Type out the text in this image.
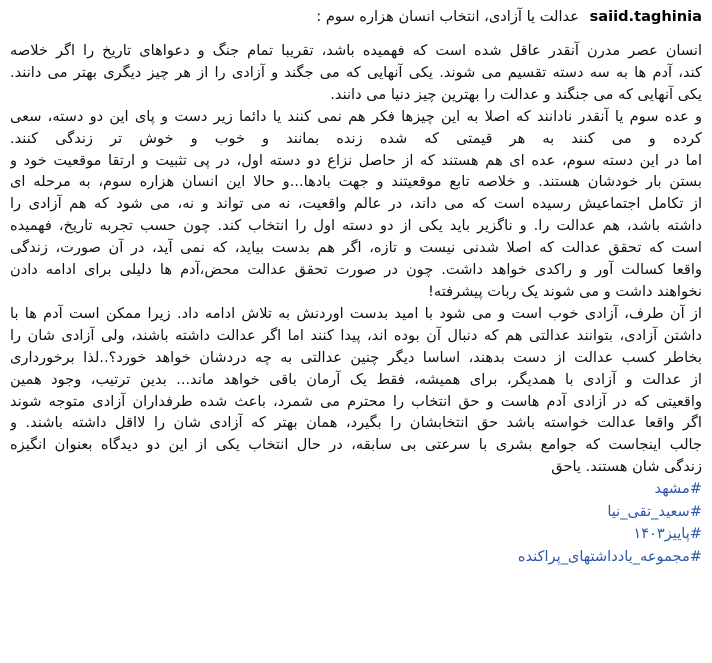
saiid.taghinia عدالت یا آزادی، انتخاب انسان هزاره سوم :
انسان عصر مدرن آنقدر عاقل شده است که فهمیده باشد، تقریبا تمام جنگ و دعواهای تاریخ را اگر خلاصه
کند، آدم ها به سه دسته تقسیم می شوند. یکی آنهایی که می جگند و آزادی را از هر چیز دیگری بهتر می دانند.
یکی آنهایی که می جنگند و عدالت را بهترین چیز دنیا می دانند.
و عده سوم یا آنقدر نادانند که اصلا به این چیزها فکر هم نمی کنند یا دائما زیر دست و پای این دو دسته، سعی
کرده و می کنند به هر قیمتی که شده زنده بمانند و خوب و خوش تر زندگی کنند.
اما در این دسته سوم، عده ای هم هستند که از حاصل نزاع دو دسته اول، در پی تثبیت و ارتقا موقعیت خود و
بستن بار خودشان هستند. و خلاصه تابع موقعیتند و جهت بادها...و حالا این انسان هزاره سوم، به مرحله ای
از تکامل اجتماعیش رسیده است که می داند، در عالم واقعیت، نه می تواند و نه، می شود که هم آزادی را
داشته باشد، هم عدالت را. و ناگزیر باید یکی از دو دسته اول را انتخاب کند. چون حسب تجربه تاریخ، فهمیده
است که تحقق عدالت که اصلا شدنی نیست و تازه، اگر هم بدست بیاید، که نمی آید، در آن صورت، زندگی
واقعا کسالت آور و راکدی خواهد داشت. چون در صورت تحقق عدالت محض،آدم ها دلیلی برای ادامه دادن
نخواهند داشت و می شوند یک ربات پیشرفته!
از آن طرف، آزادی خوب است و می شود با امید بدست اوردنش به تلاش ادامه داد. زیرا ممکن است آدم ها با
داشتن آزادی، بتوانند عدالتی هم که دنبال آن بوده اند، پیدا کنند اما اگر عدالت داشته باشند، ولی آزادی شان را
بخاطر کسب عدالت از دست بدهند، اساسا دیگر چنین عدالتی به چه دردشان خواهد خورد؟..لذا برخورداری
از عدالت و آزادی با همدیگر، برای همیشه، فقط یک آرمان باقی خواهد ماند... بدین ترتیب، وجود همین
واقعیتی که در آزادی آدم هاست و حق انتخاب را محترم می شمرد، باعث شده طرفداران آزادی متوجه شوند
اگر واقعا عدالت خواسته باشد حق انتخابشان را بگیرد، همان بهتر که آزادی شان را لااقل داشته باشند. و
جالب اینجاست که جوامع بشری با سرعتی بی سابقه، در حال انتخاب یکی از این دو دیدگاه بعنوان انگیزه
زندگی شان هستند. یاحق
#مشهد
#سعید_تقی_نیا
#پاییز۱۴۰۳
#مجموعه_یادداشتهای_پراکنده
